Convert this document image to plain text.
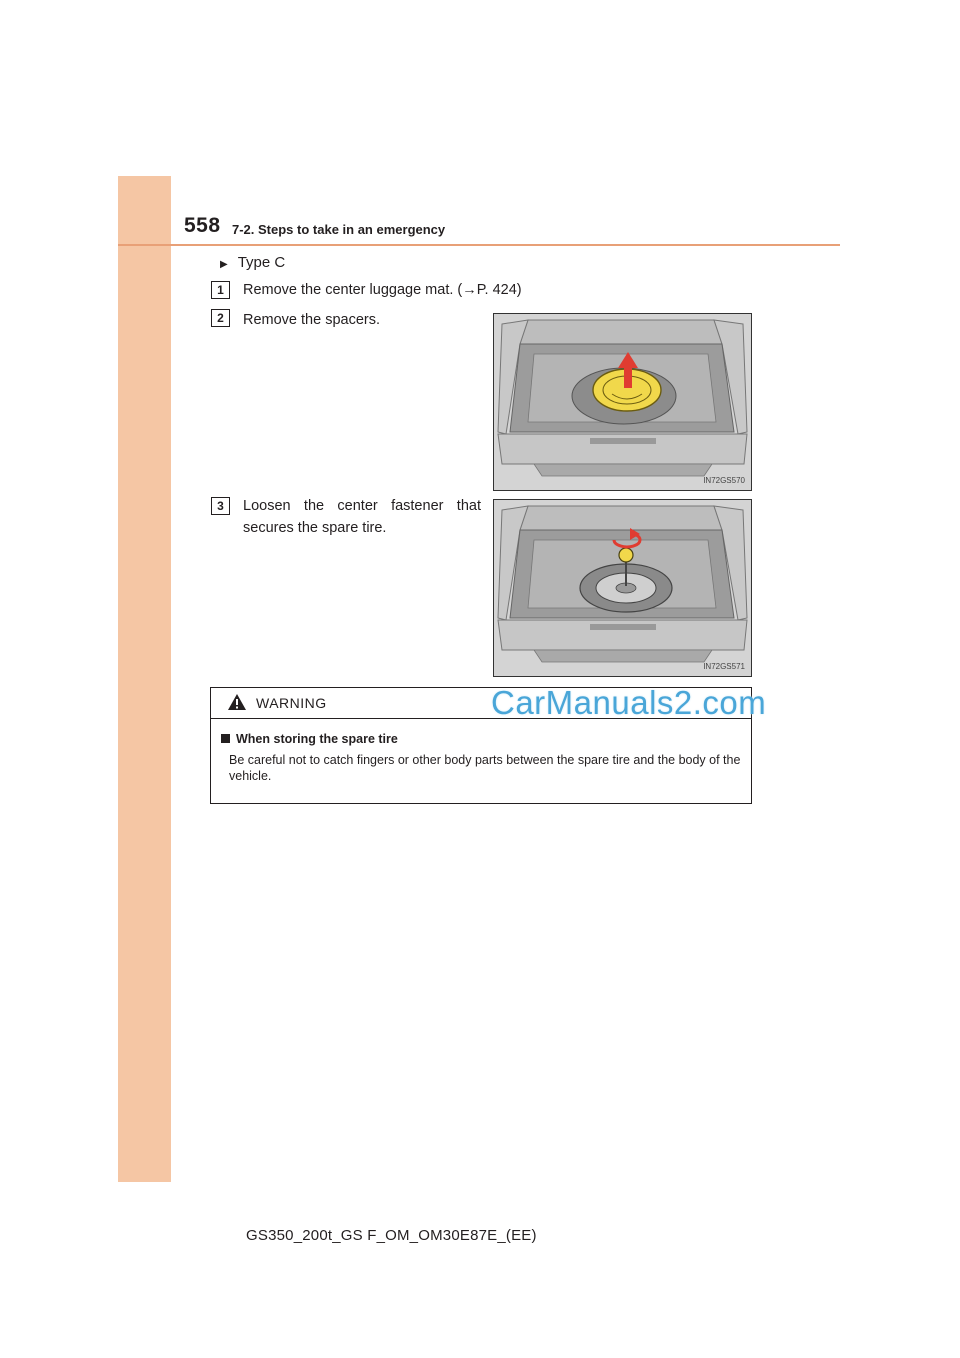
558 7-2. Steps to take in an emergency
▶ Type C
1	Remove the center luggage mat. (→P. 424)
2	Remove the spacers.
3	Loosen the center fastener that secures the spare tire.
IN72GS570
IN72GS571
WARNING	CarManuals2.com
When storing the spare tire
Be careful not to catch fingers or other body parts between the spare tire and the body of the vehicle.
GS350_200t_GS F_OM_OM30E87E_(EE)
